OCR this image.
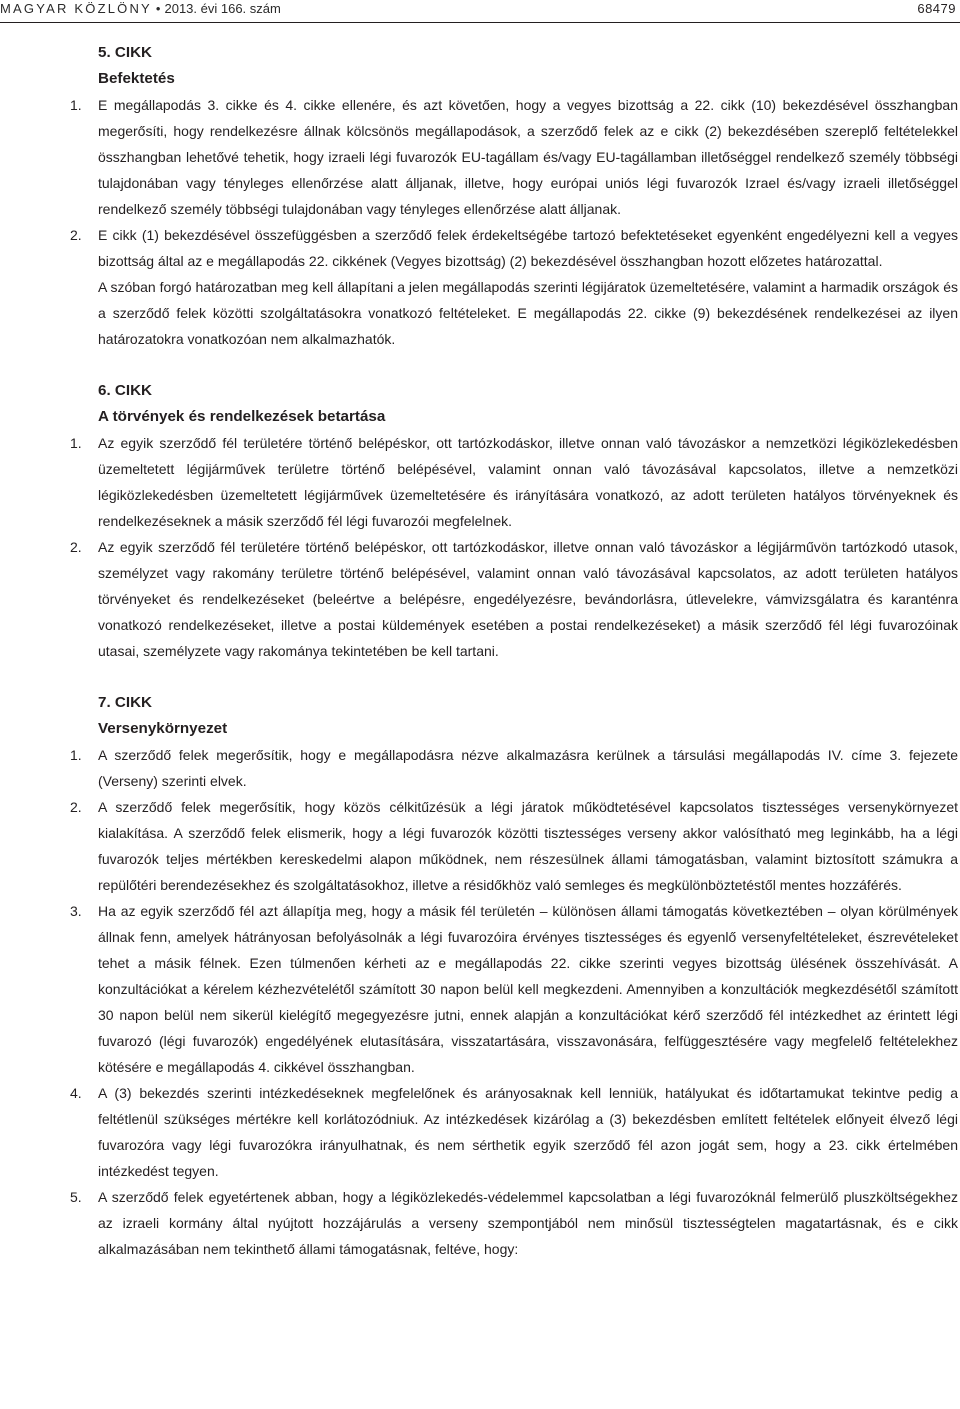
MAGYAR KÖZLÖNY • 2013. évi 166. szám	68479
5. CIKK
Befektetés

1. E megállapodás 3. cikke és 4. cikke ellenére, és azt követően, hogy a vegyes bizottság a 22. cikk (10) bekezdésével összhangban megerősíti, hogy rendelkezésre állnak kölcsönös megállapodások, a szerződő felek az e cikk (2) bekezdésében szereplő feltételekkel összhangban lehetővé tehetik, hogy izraeli légi fuvarozók EU-tagállam és/vagy EU-tagállamban illetőséggel rendelkező személy többségi tulajdonában vagy tényleges ellenőrzése alatt álljanak, illetve, hogy európai uniós légi fuvarozók Izrael és/vagy izraeli illetőséggel rendelkező személy többségi tulajdonában vagy tényleges ellenőrzése alatt álljanak.

2. E cikk (1) bekezdésével összefüggésben a szerződő felek érdekeltségébe tartozó befektetéseket egyenként engedélyezni kell a vegyes bizottság által az e megállapodás 22. cikkének (Vegyes bizottság) (2) bekezdésével összhangban hozott előzetes határozattal.

A szóban forgó határozatban meg kell állapítani a jelen megállapodás szerinti légijáratok üzemeltetésére, valamint a harmadik országok és a szerződő felek közötti szolgáltatásokra vonatkozó feltételeket. E megállapodás 22. cikke (9) bekezdésének rendelkezései az ilyen határozatokra vonatkozóan nem alkalmazhatók.

6. CIKK
A törvények és rendelkezések betartása

1. Az egyik szerződő fél területére történő belépéskor, ott tartózkodáskor, illetve onnan való távozáskor a nemzetközi légiközlekedésben üzemeltetett légijárművek területre történő belépésével, valamint onnan való távozásával kapcsolatos, illetve a nemzetközi légiközlekedésben üzemeltetett légijárművek üzemeltetésére és irányítására vonatkozó, az adott területen hatályos törvényeknek és rendelkezéseknek a másik szerződő fél légi fuvarozói megfelelnek.

2. Az egyik szerződő fél területére történő belépéskor, ott tartózkodáskor, illetve onnan való távozáskor a légijárművön tartózkodó utasok, személyzet vagy rakomány területre történő belépésével, valamint onnan való távozásával kapcsolatos, az adott területen hatályos törvényeket és rendelkezéseket (beleértve a belépésre, engedélyezésre, bevándorlásra, útlevelekre, vámvizsgálatra és karanténra vonatkozó rendelkezéseket, illetve a postai küldemények esetében a postai rendelkezéseket) a másik szerződő fél légi fuvarozóinak utasai, személyzete vagy rakománya tekintetében be kell tartani.

7. CIKK
Versenykörnyezet

1. A szerződő felek megerősítik, hogy e megállapodásra nézve alkalmazásra kerülnek a társulási megállapodás IV. címe 3. fejezete (Verseny) szerinti elvek.

2. A szerződő felek megerősítik, hogy közös célkitűzésük a légi járatok működtetésével kapcsolatos tisztességes versenykörnyezet kialakítása. A szerződő felek elismerik, hogy a légi fuvarozók közötti tisztességes verseny akkor valósítható meg leginkább, ha a légi fuvarozók teljes mértékben kereskedelmi alapon működnek, nem részesülnek állami támogatásban, valamint biztosított számukra a repülőtéri berendezésekhez és szolgáltatásokhoz, illetve a résidőkhöz való semleges és megkülönböztetéstől mentes hozzáférés.

3. Ha az egyik szerződő fél azt állapítja meg, hogy a másik fél területén – különösen állami támogatás következtében – olyan körülmények állnak fenn, amelyek hátrányosan befolyásolnák a légi fuvarozóira érvényes tisztességes és egyenlő versenyfeltételeket, észrevételeket tehet a másik félnek. Ezen túlmenően kérheti az e megállapodás 22. cikke szerinti vegyes bizottság ülésének összehívását. A konzultációkat a kérelem kézhezvételétől számított 30 napon belül kell megkezdeni. Amennyiben a konzultációk megkezdésétől számított 30 napon belül nem sikerül kielégítő megegyezésre jutni, ennek alapján a konzultációkat kérő szerződő fél intézkedhet az érintett légi fuvarozó (légi fuvarozók) engedélyének elutasítására, visszatartására, visszavonására, felfüggesztésére vagy megfelelő feltételekhez kötésére e megállapodás 4. cikkével összhangban.

4. A (3) bekezdés szerinti intézkedéseknek megfelelőnek és arányosaknak kell lenniük, hatályukat és időtartamukat tekintve pedig a feltétlenül szükséges mértékre kell korlátozódniuk. Az intézkedések kizárólag a (3) bekezdésben említett feltételek előnyeit élvező légi fuvarozóra vagy légi fuvarozókra irányulhatnak, és nem sérthetik egyik szerződő fél azon jogát sem, hogy a 23. cikk értelmében intézkedést tegyen.

5. A szerződő felek egyetértenek abban, hogy a légiközlekedés-védelemmel kapcsolatban a légi fuvarozóknál felmerülő pluszköltségekhez az izraeli kormány által nyújtott hozzájárulás a verseny szempontjából nem minősül tisztességtelen magatartásnak, és e cikk alkalmazásában nem tekinthető állami támogatásnak, feltéve, hogy:
